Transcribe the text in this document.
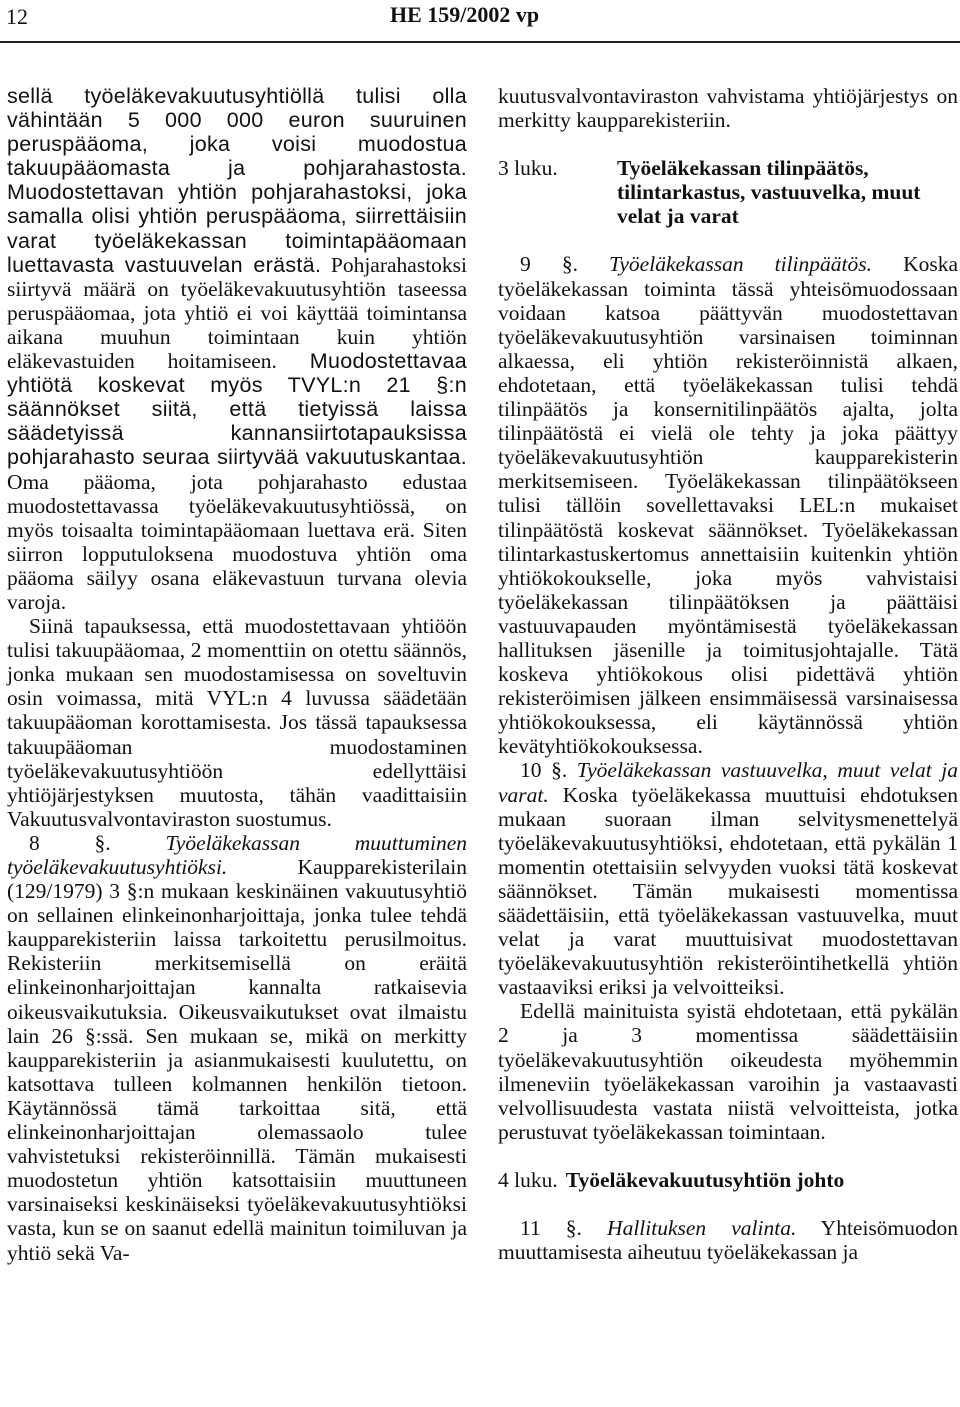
12	HE 159/2002 vp

sellä työeläkevakuutusyhtiöllä tulisi olla vähintään 5 000 000 euron suuruinen peruspääoma, joka voisi muodostua takuupääomasta ja pohjarahastosta. Muodostettavan yhtiön pohjarahastoksi, joka samalla olisi yhtiön peruspääoma, siirrettäisiin varat työeläkekassan toimintapääomaan luettavasta vastuuvelan erästä. Pohjarahastoksi siirtyvä määrä on työeläkevakuutusyhtiön taseessa peruspääomaa, jota yhtiö ei voi käyttää toimintansa aikana muuhun toimintaan kuin yhtiön eläkevastuiden hoitamiseen. Muodostettavaa yhtiötä koskevat myös TVYL:n 21 §:n säännökset siitä, että tietyissä laissa säädetyissä kannansiirtotapauksissa pohjarahasto seuraa siirtyvää vakuutuskantaa. Oma pääoma, jota pohjarahasto edustaa muodostettavassa työeläkevakuutusyhtiössä, on myös toisaalta toimintapääomaan luettava erä. Siten siirron lopputuloksena muodostuva yhtiön oma pääoma säilyy osana eläkevastuun turvana olevia varoja.

Siinä tapauksessa, että muodostettavaan yhtiöön tulisi takuupääomaa, 2 momenttiin on otettu säännös, jonka mukaan sen muodostamisessa on soveltuvin osin voimassa, mitä VYL:n 4 luvussa säädetään takuupääoman korottamisesta. Jos tässä tapauksessa takuupääoman muodostaminen työeläkevakuutusyhtiöön edellyttäisi yhtiöjärjestyksen muutosta, tähän vaadittaisiin Vakuutusvalvontaviraston suostumus.

8 §.	Työeläkekassan muuttuminen työeläkevakuutusyhtiöksi.	Kaupparekisterilain (129/1979) 3 §:n mukaan keskinäinen vakuutusyhtiö on sellainen elinkeinonharjoittaja, jonka tulee tehdä kaupparekisteriin laissa tarkoitettu perusilmoitus. Rekisteriin merkitsemisellä on eräitä elinkeinonharjoittajan kannalta ratkaisevia oikeusvaikutuksia. Oikeusvaikutukset ovat ilmaistu lain 26 §:ssä. Sen mukaan se, mikä on merkitty kaupparekisteriin ja asianmukaisesti kuulutettu, on katsottava tulleen kolmannen henkilön tietoon. Käytännössä tämä tarkoittaa sitä, että elinkeinonharjoittajan olemassaolo tulee vahvistetuksi rekisteröinnillä. Tämän mukaisesti muodostetun yhtiön katsottaisiin muuttuneen varsinaiseksi keskinäiseksi työeläkevakuutusyhtiöksi vasta, kun se on saanut edellä mainitun toimiluvan ja yhtiö sekä Va-

kuutusvalvontaviraston vahvistama yhtiöjärjestys on merkitty kaupparekisteriin.

3 luku.	Työeläkekassan tilinpäätös, tilintarkastus, vastuuvelka, muut velat ja varat

9 §. Työeläkekassan tilinpäätös. Koska työeläkekassan toiminta tässä yhteisömuodossaan voidaan katsoa päättyvän muodostettavan työeläkevakuutusyhtiön varsinaisen toiminnan alkaessa, eli yhtiön rekisteröinnistä alkaen, ehdotetaan, että työeläkekassan tulisi tehdä tilinpäätös ja konsernitilinpäätös ajalta, jolta tilinpäätöstä ei vielä ole tehty ja joka päättyy työeläkevakuutusyhtiön kaupparekisterin merkitsemiseen. Työeläkekassan tilinpäätökseen tulisi tällöin sovellettavaksi LEL:n mukaiset tilinpäätöstä koskevat säännökset. Työeläkekassan tilintarkastuskertomus annettaisiin kuitenkin yhtiön yhtiökokoukselle, joka myös vahvistaisi työeläkekassan tilinpäätöksen ja päättäisi vastuuvapauden myöntämisestä työeläkekassan hallituksen jäsenille ja toimitusjohtajalle. Tätä koskeva yhtiökokous olisi pidettävä yhtiön rekisteröimisen jälkeen ensimmäisessä varsinaisessa yhtiökokouksessa, eli käytännössä yhtiön kevätyhtiökokouksessa.

10 §. Työeläkekassan vastuuvelka, muut velat ja varat. Koska työeläkekassa muuttuisi ehdotuksen mukaan suoraan ilman selvitysmenettelyä työeläkevakuutusyhtiöksi, ehdotetaan, että pykälän 1 momentin otettaisiin selvyyden vuoksi tätä koskevat säännökset. Tämän mukaisesti momentissa säädettäisiin, että työeläkekassan vastuuvelka, muut velat ja varat muuttuisivat muodostettavan työeläkevakuutusyhtiön rekisteröintihetkellä yhtiön vastaaviksi eriksi ja velvoitteiksi.

Edellä mainituista syistä ehdotetaan, että pykälän 2 ja 3 momentissa säädettäisiin työeläkevakuutusyhtiön oikeudesta myöhemmin ilmeneviin työeläkekassan varoihin ja vastaavasti velvollisuudesta vastata niistä velvoitteista, jotka perustuvat työeläkekassan toimintaan.

4 luku. Työeläkevakuutusyhtiön johto

11 §. Hallituksen valinta. Yhteisömuodon muuttamisesta aiheutuu työeläkekassan ja
